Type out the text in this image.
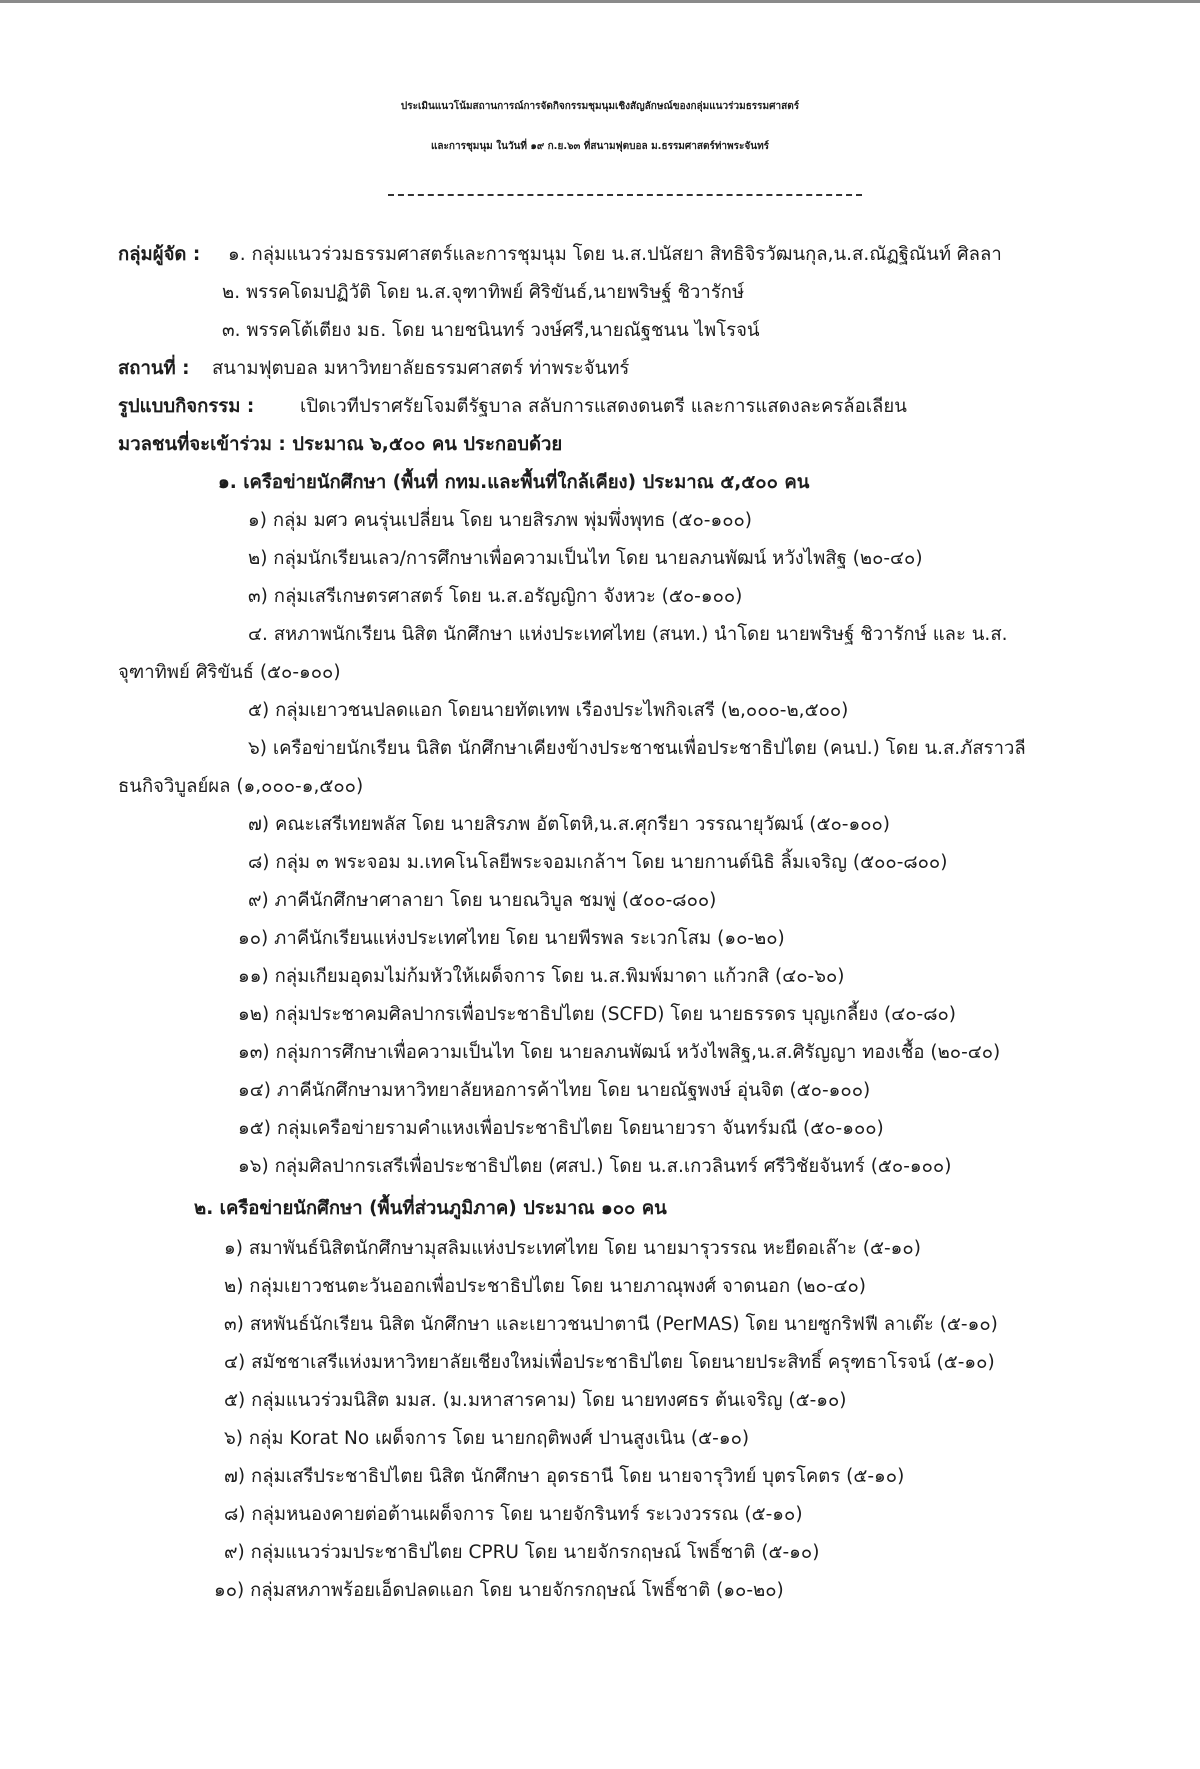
ประเมินแนวโน้มสถานการณ์การจัดกิจกรรมชุมนุมเชิงสัญลักษณ์ของกลุ่มแนวร่วมธรรมศาสตร์
และการชุมนุม ในวันที่ ๑๙ ก.ย.๖๓ ที่สนามฟุตบอล ม.ธรรมศาสตร์ท่าพระจันทร์
กลุ่มผู้จัด : ๑. กลุ่มแนวร่วมธรรมศาสตร์และการชุมนุม โดย น.ส.ปนัสยา สิทธิจิรวัฒนกุล,น.ส.ณัฏฐิณันท์ ศิลลา
๒. พรรคโดมปฏิวัติ โดย น.ส.จุฑาทิพย์ ศิริขันธ์,นายพริษฐ์ ชิวารักษ์
๓. พรรคโต้เตียง มธ. โดย นายชนินทร์ วงษ์ศรี,นายณัฐชนน ไพโรจน์
สถานที่ : สนามฟุตบอล มหาวิทยาลัยธรรมศาสตร์ ท่าพระจันทร์
รูปแบบกิจกรรม : เปิดเวทีปราศรัยโจมตีรัฐบาล สลับการแสดงดนตรี และการแสดงละครล้อเลียน
มวลชนที่จะเข้าร่วม : ประมาณ ๖,๕๐๐ คน ประกอบด้วย
๑. เครือข่ายนักศึกษา (พื้นที่ กทม.และพื้นที่ใกล้เคียง) ประมาณ ๕,๕๐๐ คน
๑) กลุ่ม มศว คนรุ่นเปลี่ยน โดย นายสิรภพ พุ่มพึ่งพุทธ (๕๐-๑๐๐)
๒) กลุ่มนักเรียนเลว/การศึกษาเพื่อความเป็นไท โดย นายลภนพัฒน์ หวังไพสิฐ (๒๐-๔๐)
๓) กลุ่มเสรีเกษตรศาสตร์ โดย น.ส.อรัญญิกา จังหวะ (๕๐-๑๐๐)
๔. สหภาพนักเรียน นิสิต นักศึกษา แห่งประเทศไทย (สนท.) นำโดย นายพริษฐ์ ชิวารักษ์ และ น.ส.
จุฑาทิพย์ ศิริขันธ์ (๕๐-๑๐๐)
๕) กลุ่มเยาวชนปลดแอก โดยนายทัตเทพ เรืองประไพกิจเสรี (๒,๐๐๐-๒,๕๐๐)
๖) เครือข่ายนักเรียน นิสิต นักศึกษาเคียงข้างประชาชนเพื่อประชาธิปไตย (คนป.) โดย น.ส.ภัสราวลี
ธนกิจวิบูลย์ผล (๑,๐๐๐-๑,๕๐๐)
๗) คณะเสรีเทยพลัส โดย นายสิรภพ อัตโตหิ,น.ส.ศุกรียา วรรณายุวัฒน์ (๕๐-๑๐๐)
๘) กลุ่ม ๓ พระจอม ม.เทคโนโลยีพระจอมเกล้าฯ โดย นายกานต์นิธิ ลิ้มเจริญ (๕๐๐-๘๐๐)
๙) ภาคีนักศึกษาศาลายา โดย นายณวิบูล ชมพู่ (๕๐๐-๘๐๐)
๑๐) ภาคีนักเรียนแห่งประเทศไทย โดย นายพีรพล ระเวกโสม (๑๐-๒๐)
๑๑) กลุ่มเกียมอุดมไม่ก้มหัวให้เผด็จการ โดย น.ส.พิมพ์มาดา แก้วกสิ (๔๐-๖๐)
๑๒) กลุ่มประชาคมศิลปากรเพื่อประชาธิปไตย (SCFD) โดย นายธรรดร บุญเกลี้ยง (๔๐-๘๐)
๑๓) กลุ่มการศึกษาเพื่อความเป็นไท โดย นายลภนพัฒน์ หวังไพสิฐ,น.ส.ศิรัญญา ทองเชื้อ (๒๐-๔๐)
๑๔) ภาคีนักศึกษามหาวิทยาลัยหอการค้าไทย โดย นายณัฐพงษ์ อุ่นจิต (๕๐-๑๐๐)
๑๕) กลุ่มเครือข่ายรามคำแหงเพื่อประชาธิปไตย โดยนายวรา จันทร์มณี (๕๐-๑๐๐)
๑๖) กลุ่มศิลปากรเสรีเพื่อประชาธิปไตย (ศสป.) โดย น.ส.เกวลินทร์ ศรีวิชัยจันทร์ (๕๐-๑๐๐)
๒. เครือข่ายนักศึกษา (พื้นที่ส่วนภูมิภาค) ประมาณ ๑๐๐ คน
๑) สมาพันธ์นิสิตนักศึกษามุสลิมแห่งประเทศไทย โดย นายมารุวรรณ หะยีดอเล๊าะ (๕-๑๐)
๒) กลุ่มเยาวชนตะวันออกเพื่อประชาธิปไตย โดย นายภาณุพงศ์ จาดนอก (๒๐-๔๐)
๓) สหพันธ์นักเรียน นิสิต นักศึกษา และเยาวชนปาตานี (PerMAS) โดย นายซูกริฟฟี ลาเต๊ะ (๕-๑๐)
๔) สมัชชาเสรีแห่งมหาวิทยาลัยเชียงใหม่เพื่อประชาธิปไตย โดยนายประสิทธิ์ ครุฑธาโรจน์ (๕-๑๐)
๕) กลุ่มแนวร่วมนิสิต มมส. (ม.มหาสารคาม) โดย นายทงศธร ต้นเจริญ (๕-๑๐)
๖) กลุ่ม Korat No เผด็จการ โดย นายกฤติพงศ์ ปานสูงเนิน (๕-๑๐)
๗) กลุ่มเสรีประชาธิปไตย นิสิต นักศึกษา อุดรธานี โดย นายจารุวิทย์ บุตรโคตร (๕-๑๐)
๘) กลุ่มหนองคายต่อต้านเผด็จการ โดย นายจักรินทร์ ระเวงวรรณ (๕-๑๐)
๙) กลุ่มแนวร่วมประชาธิปไตย CPRU โดย นายจักรกฤษณ์ โพธิ์ชาติ (๕-๑๐)
๑๐) กลุ่มสหภาพร้อยเอ็ดปลดแอก โดย นายจักรกฤษณ์ โพธิ์ชาติ (๑๐-๒๐)
